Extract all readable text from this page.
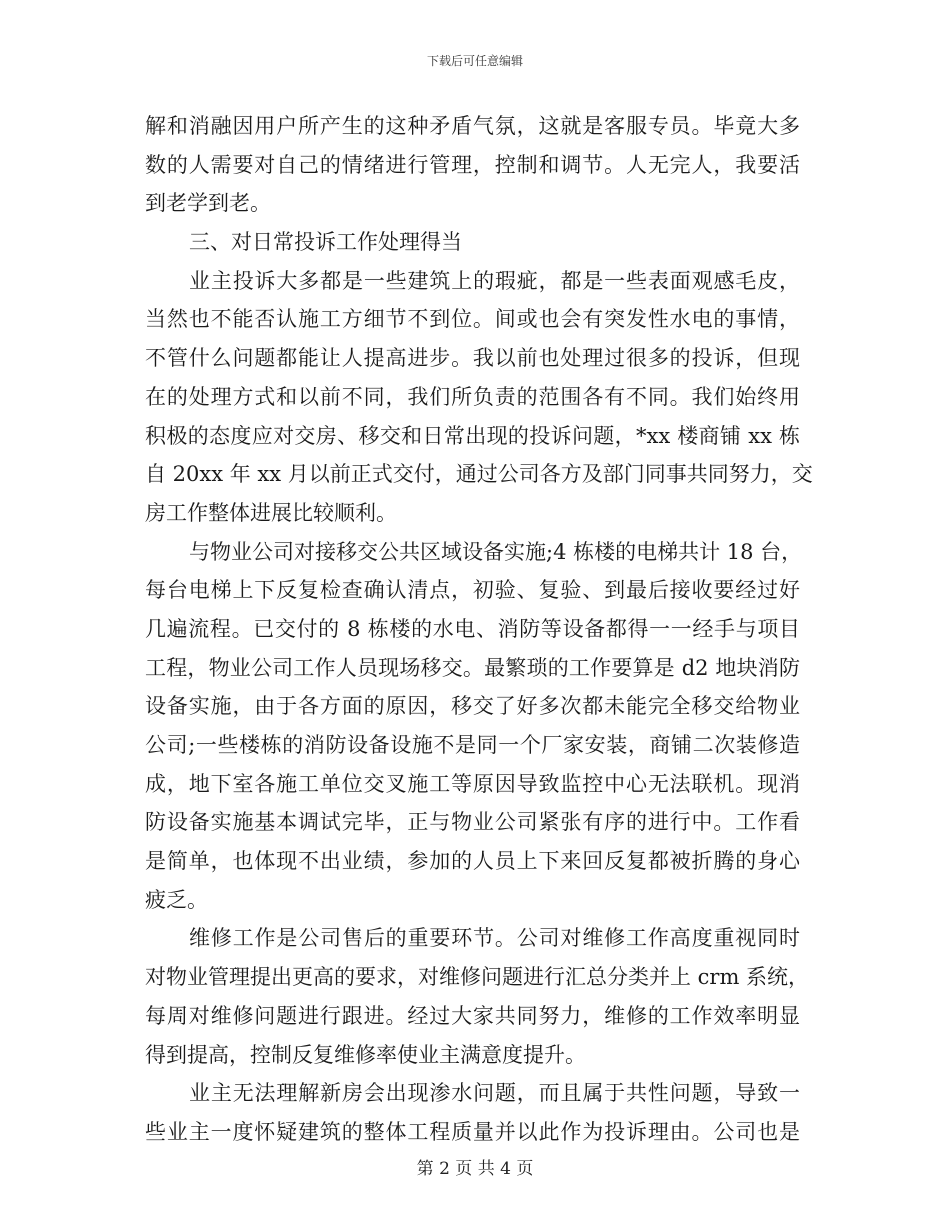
下载后可任意编辑
解和消融因用户所产生的这种矛盾气氛，这就是客服专员。毕竟大多
数的人需要对自己的情绪进行管理，控制和调节。人无完人，我要活
到老学到老。
三、对日常投诉工作处理得当
业主投诉大多都是一些建筑上的瑕疵，都是一些表面观感毛皮，
当然也不能否认施工方细节不到位。间或也会有突发性水电的事情，
不管什么问题都能让人提高进步。我以前也处理过很多的投诉，但现
在的处理方式和以前不同，我们所负责的范围各有不同。我们始终用
积极的态度应对交房、移交和日常出现的投诉问题，*xx 楼商铺 xx 栋
自 20xx 年 xx 月以前正式交付，通过公司各方及部门同事共同努力，交
房工作整体进展比较顺利。
与物业公司对接移交公共区域设备实施;4 栋楼的电梯共计 18 台，
每台电梯上下反复检查确认清点，初验、复验、到最后接收要经过好
几遍流程。已交付的 8 栋楼的水电、消防等设备都得一一经手与项目
工程，物业公司工作人员现场移交。最繁琐的工作要算是 d2 地块消防
设备实施，由于各方面的原因，移交了好多次都未能完全移交给物业
公司;一些楼栋的消防设备设施不是同一个厂家安装，商铺二次装修造
成，地下室各施工单位交叉施工等原因导致监控中心无法联机。现消
防设备实施基本调试完毕，正与物业公司紧张有序的进行中。工作看
是简单，也体现不出业绩，参加的人员上下来回反复都被折腾的身心
疲乏。
维修工作是公司售后的重要环节。公司对维修工作高度重视同时
对物业管理提出更高的要求，对维修问题进行汇总分类并上 crm 系统，
每周对维修问题进行跟进。经过大家共同努力，维修的工作效率明显
得到提高，控制反复维修率使业主满意度提升。
业主无法理解新房会出现渗水问题，而且属于共性问题，导致一
些业主一度怀疑建筑的整体工程质量并以此作为投诉理由。公司也是
第 2 页 共 4 页
